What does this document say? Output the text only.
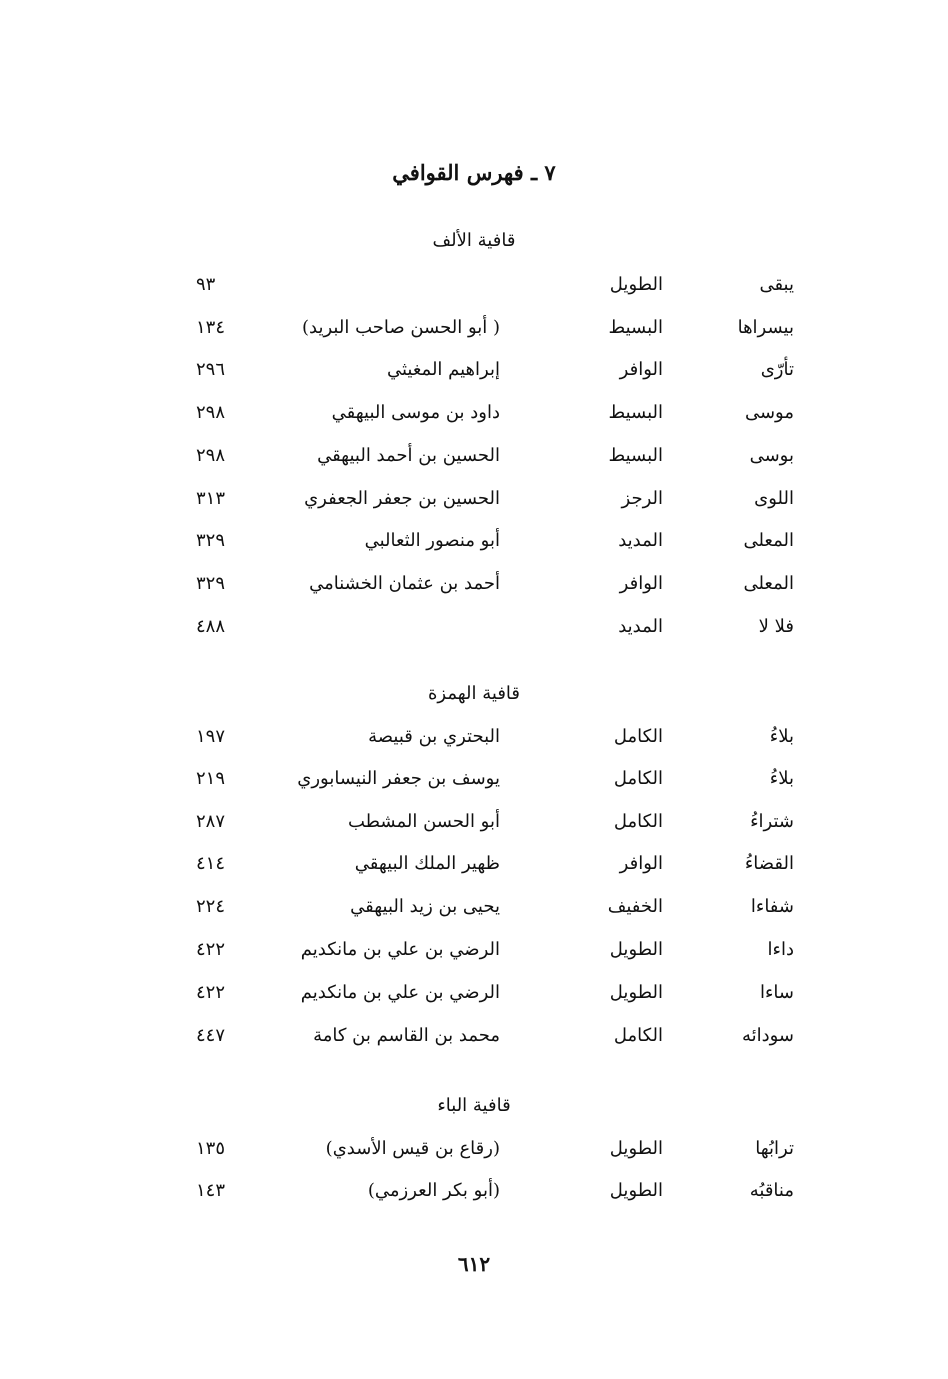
٧ ـ فهرس القوافي
قافية الألف
يبقى
الطويل
٩٣
بيسراها
البسيط
( أبو الحسن صاحب البريد)
١٣٤
تأرّى
الوافر
إبراهيم المغيثي
٢٩٦
موسى
البسيط
داود بن موسى البيهقي
٢٩٨
بوسى
البسيط
الحسين بن أحمد البيهقي
٢٩٨
اللوى
الرجز
الحسين بن جعفر الجعفري
٣١٣
المعلى
المديد
أبو منصور الثعالبي
٣٢٩
المعلى
الوافر
أحمد بن عثمان الخشنامي
٣٢٩
فلا لا
المديد
٤٨٨
قافية الهمزة
بلاءُ
الكامل
البحتري بن قبيصة
١٩٧
بلاءُ
الكامل
يوسف بن جعفر النيسابوري
٢١٩
شتراءُ
الكامل
أبو الحسن المشطب
٢٨٧
القضاءُ
الوافر
ظهير الملك البيهقي
٤١٤
شفاءا
الخفيف
يحيى بن زيد البيهقي
٢٢٤
داءا
الطويل
الرضي بن علي بن مانكديم
٤٢٢
ساءا
الطويل
الرضي بن علي بن مانكديم
٤٢٢
سودائه
الكامل
محمد بن القاسم بن كامة
٤٤٧
قافية الباء
ترابُها
الطويل
(رقاع بن قيس الأسدي)
١٣٥
مناقبُه
الطويل
(أبو بكر العرزمي)
١٤٣
٦١٢
